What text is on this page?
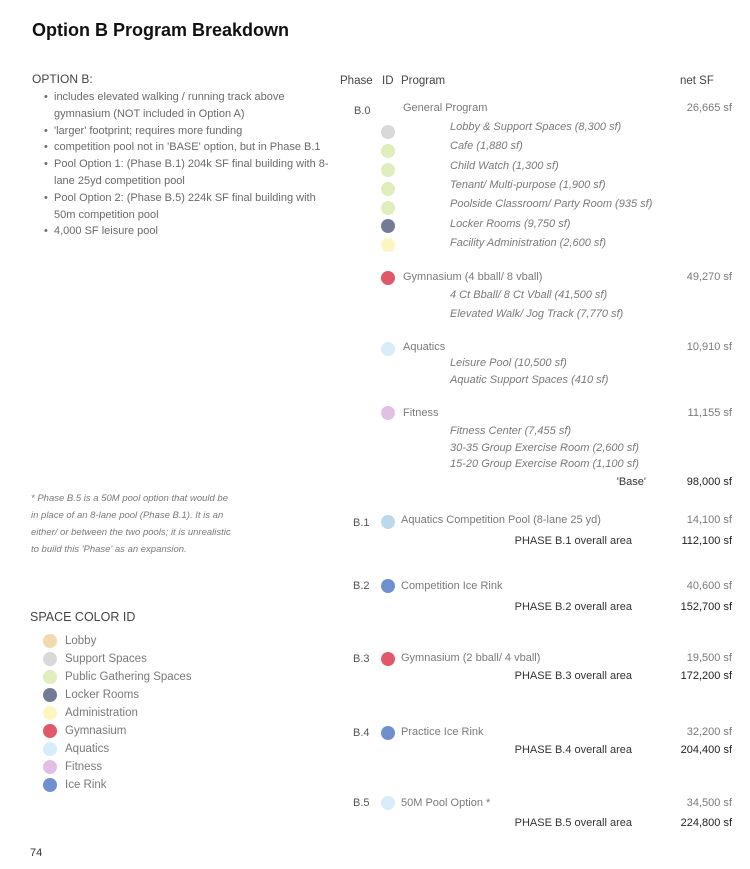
Option B Program Breakdown
OPTION B:
• includes elevated walking / running track above gymnasium (NOT included in Option A)
• 'larger' footprint; requires more funding
• competition pool not in 'BASE' option, but in Phase B.1
• Pool Option 1: (Phase B.1) 204k SF final building with 8-lane 25yd competition pool
• Pool Option 2: (Phase B.5) 224k SF final building with 50m competition pool
• 4,000 SF leisure pool
* Phase B.5 is a 50M pool option that would be in place of an 8-lane pool (Phase B.1). It is an either/ or between the two pools; it is unrealistic to build this 'Phase' as an expansion.
SPACE COLOR ID
Lobby
Support Spaces
Public Gathering Spaces
Locker Rooms
Administration
Gymnasium
Aquatics
Fitness
Ice Rink
Phase ID Program	net SF
B.0	General Program	26,665 sf
Lobby & Support Spaces (8,300 sf)
Cafe (1,880 sf)
Child Watch (1,300 sf)
Tenant/ Multi-purpose (1,900 sf)
Poolside Classroom/ Party Room (935 sf)
Locker Rooms (9,750 sf)
Facility Administration (2,600 sf)
Gymnasium (4 bball/ 8 vball)	49,270 sf
4 Ct Bball/ 8 Ct Vball (41,500 sf)
Elevated Walk/ Jog Track (7,770 sf)
Aquatics	10,910 sf
Leisure Pool (10,500 sf)
Aquatic Support Spaces (410 sf)
Fitness	11,155 sf
Fitness Center (7,455 sf)
30-35 Group Exercise Room (2,600 sf)
15-20 Group Exercise Room (1,100 sf)
'Base'	98,000 sf
B.1	Aquatics Competition Pool (8-lane 25 yd)	14,100 sf
PHASE B.1 overall area	112,100 sf
B.2	Competition Ice Rink	40,600 sf
PHASE B.2 overall area	152,700 sf
B.3	Gymnasium (2 bball/ 4 vball)	19,500 sf
PHASE B.3 overall area	172,200 sf
B.4	Practice Ice Rink	32,200 sf
PHASE B.4 overall area	204,400 sf
B.5	50M Pool Option *	34,500 sf
PHASE B.5 overall area	224,800 sf
74
